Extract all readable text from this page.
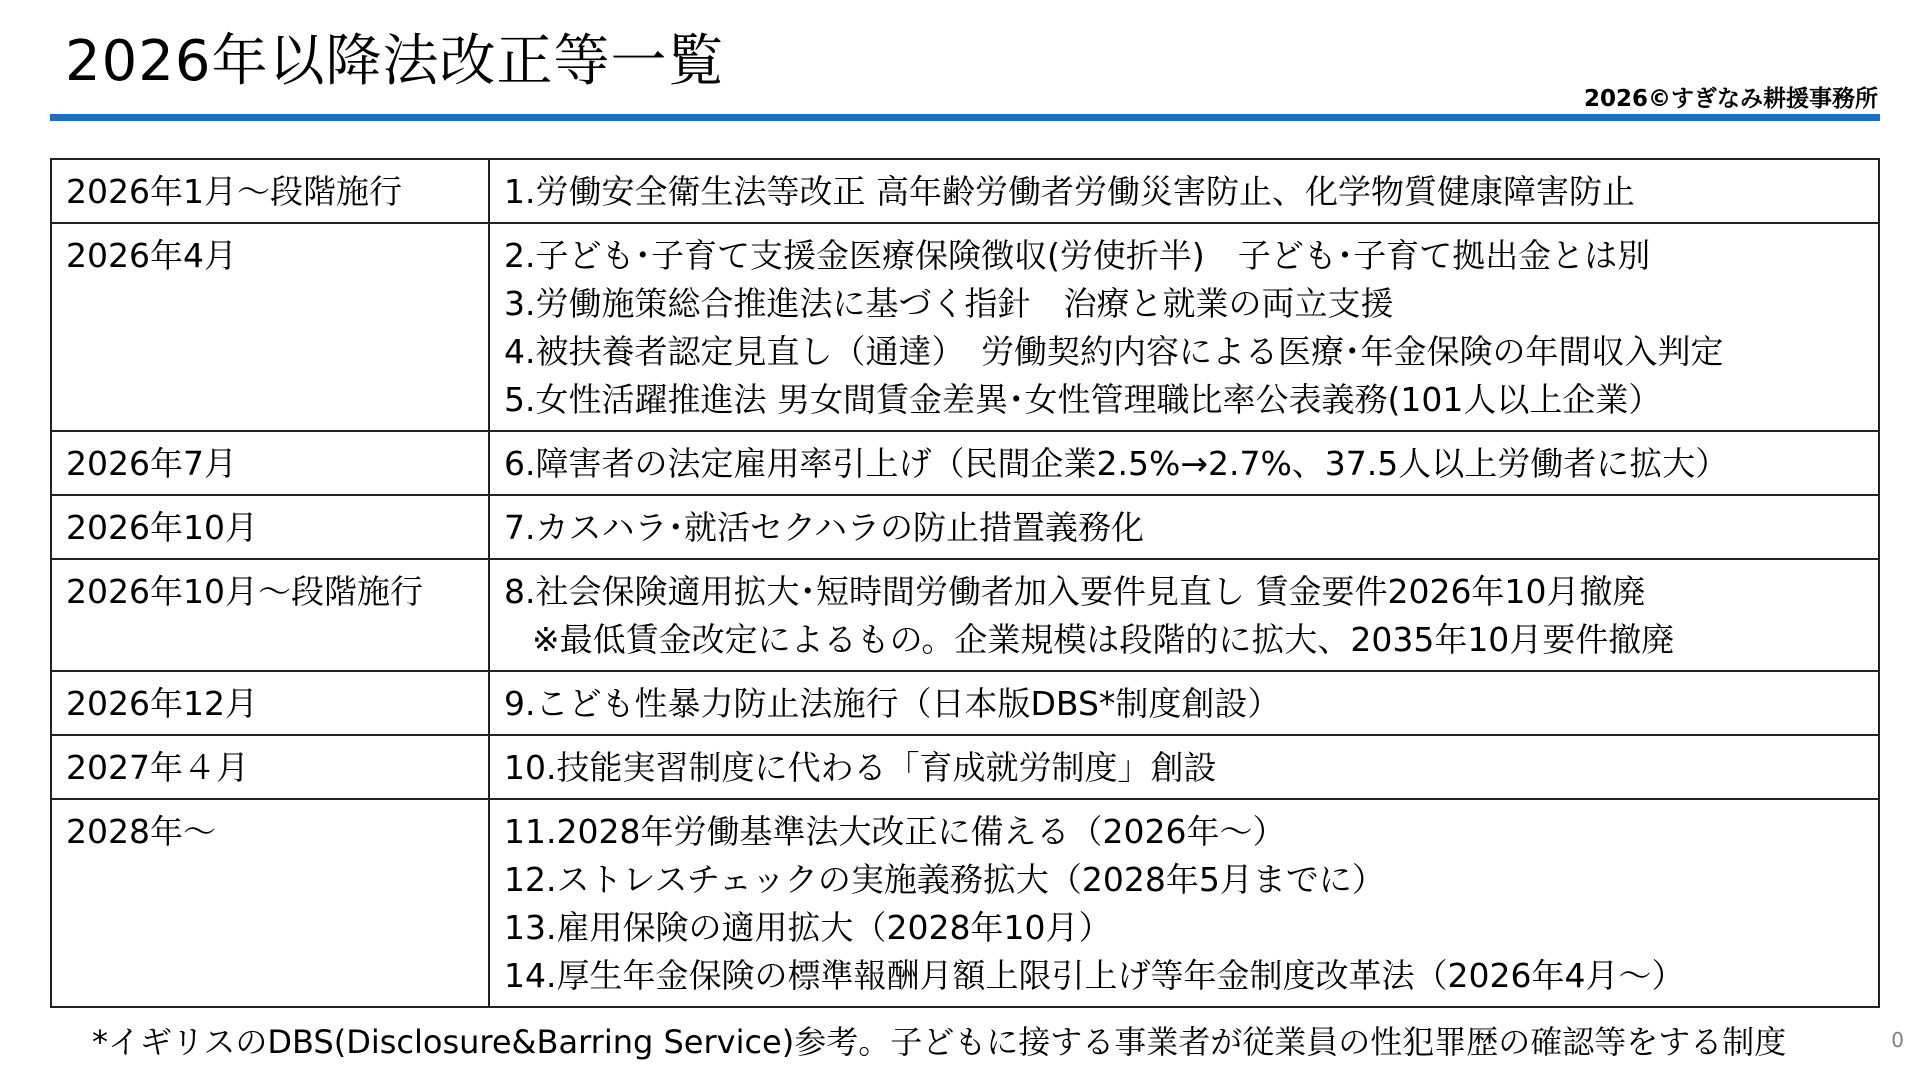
2026年以降法改正等一覧
2026©すぎなみ耕援事務所
2026年1月～段階施行	1.労働安全衛生法等改正 高年齢労働者労働災害防止、化学物質健康障害防止

2026年4月	2.子ども･子育て支援金医療保険徴収(労使折半)　子ども･子育て拠出金とは別
3.労働施策総合推進法に基づく指針　治療と就業の両立支援
4.被扶養者認定見直し（通達）　労働契約内容による医療･年金保険の年間収入判定
5.女性活躍推進法 男女間賃金差異･女性管理職比率公表義務(101人以上企業）

2026年7月	6.障害者の法定雇用率引上げ（民間企業2.5%→2.7%、37.5人以上労働者に拡大）

2026年10月	7.カスハラ･就活セクハラの防止措置義務化

2026年10月～段階施行	8.社会保険適用拡大･短時間労働者加入要件見直し 賃金要件2026年10月撤廃
※最低賃金改定によるもの。企業規模は段階的に拡大、2035年10月要件撤廃

2026年12月	9.こども性暴力防止法施行（日本版DBS*制度創設）

2027年４月	10.技能実習制度に代わる「育成就労制度」創設

2028年～	11.2028年労働基準法大改正に備える（2026年～）
12.ストレスチェックの実施義務拡大（2028年5月までに）
13.雇用保険の適用拡大（2028年10月）
14.厚生年金保険の標準報酬月額上限引上げ等年金制度改革法（2026年4月～）
*イギリスのDBS(Disclosure&Barring Service)参考。子どもに接する事業者が従業員の性犯罪歴の確認等をする制度	0
